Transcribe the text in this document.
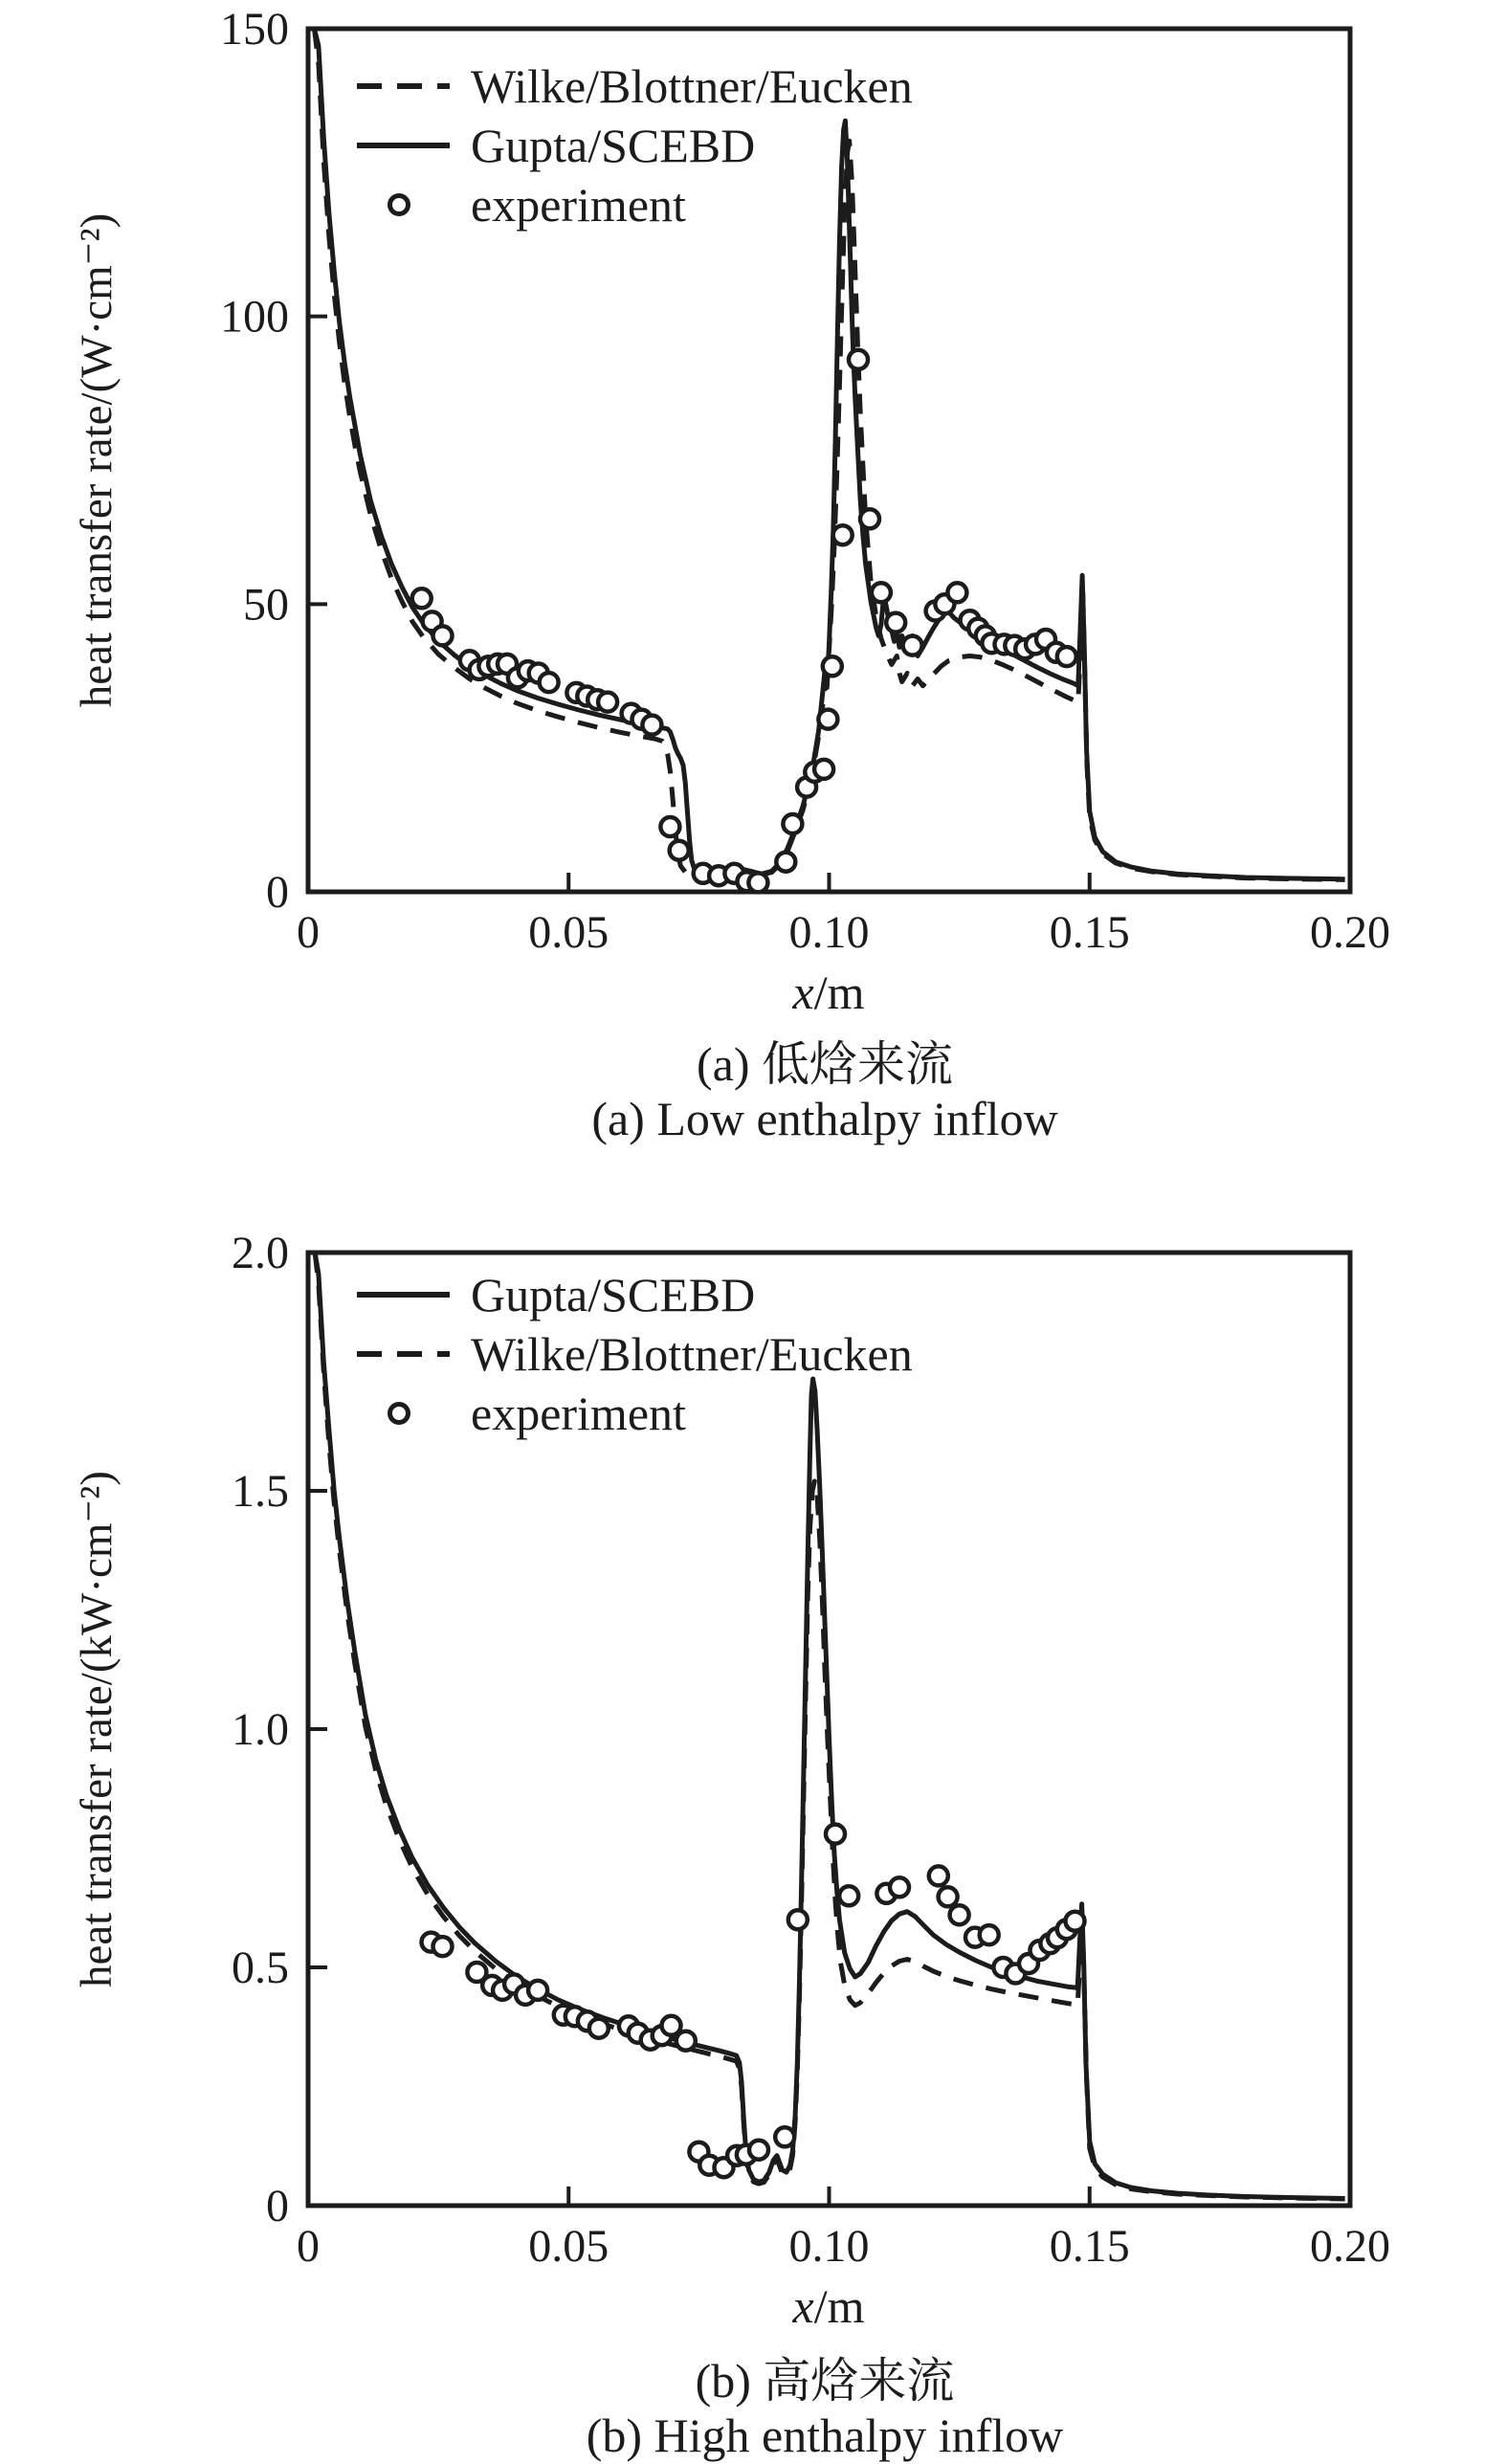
0	0.05	0.10	0.15	0.20
0
50
100
150
heat transfer rate/(W·cm⁻²)
Wilke/Blottner/Eucken
Gupta/SCEBD
experiment
0	0.05	0.10	0.15	0.20
0
0.5
1.0
1.5
2.0
heat transfer rate/(kW·cm⁻²)
Gupta/SCEBD
Wilke/Blottner/Eucken
experiment
x/m
(a) 低焓来流
(a) Low enthalpy inflow
x/m
(b) 高焓来流
(b) High enthalpy inflow
